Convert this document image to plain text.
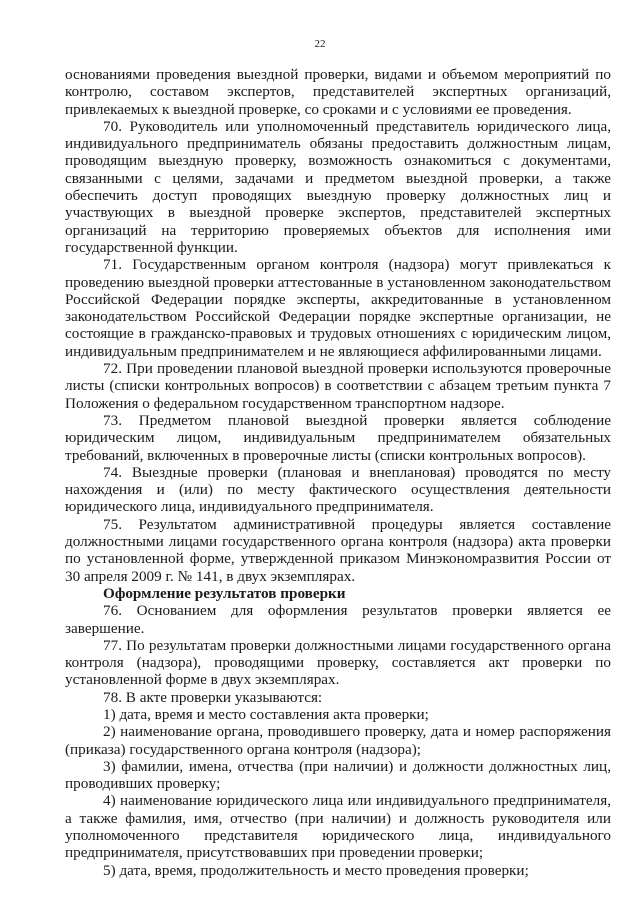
22

основаниями проведения выездной проверки, видами и объемом мероприятий по контролю, составом экспертов, представителей экспертных организаций, привлекаемых к выездной проверке, со сроками и с условиями ее проведения.

70. Руководитель или уполномоченный представитель юридического лица, индивидуального предприниматель обязаны предоставить должностным лицам, проводящим выездную проверку, возможность ознакомиться с документами, связанными с целями, задачами и предметом выездной проверки, а также обеспечить доступ проводящих выездную проверку должностных лиц и участвующих в выездной проверке экспертов, представителей экспертных организаций на территорию проверяемых объектов для исполнения ими государственной функции.

71. Государственным органом контроля (надзора) могут привлекаться к проведению выездной проверки аттестованные в установленном законодательством Российской Федерации порядке эксперты, аккредитованные в установленном законодательством Российской Федерации порядке экспертные организации, не состоящие в гражданско-правовых и трудовых отношениях с юридическим лицом, индивидуальным предпринимателем и не являющиеся аффилированными лицами.

72. При проведении плановой выездной проверки используются проверочные листы (списки контрольных вопросов) в соответствии с абзацем третьим пункта 7 Положения о федеральном государственном транспортном надзоре.

73. Предметом плановой выездной проверки является соблюдение юридическим лицом, индивидуальным предпринимателем обязательных требований, включенных в проверочные листы (списки контрольных вопросов).

74. Выездные проверки (плановая и внеплановая) проводятся по месту нахождения и (или) по месту фактического осуществления деятельности юридического лица, индивидуального предпринимателя.

75. Результатом административной процедуры является составление должностными лицами государственного органа контроля (надзора) акта проверки по установленной форме, утвержденной приказом Минэкономразвития России от 30 апреля 2009 г. № 141, в двух экземплярах.

Оформление результатов проверки

76. Основанием для оформления результатов проверки является ее завершение.

77. По результатам проверки должностными лицами государственного органа контроля (надзора), проводящими проверку, составляется акт проверки по установленной форме в двух экземплярах.

78. В акте проверки указываются:

1) дата, время и место составления акта проверки;

2) наименование органа, проводившего проверку, дата и номер распоряжения (приказа) государственного органа контроля (надзора);

3) фамилии, имена, отчества (при наличии) и должности должностных лиц, проводивших проверку;

4) наименование юридического лица или индивидуального предпринимателя, а также фамилия, имя, отчество (при наличии) и должность руководителя или уполномоченного представителя юридического лица, индивидуального предпринимателя, присутствовавших при проведении проверки;

5) дата, время, продолжительность и место проведения проверки;
